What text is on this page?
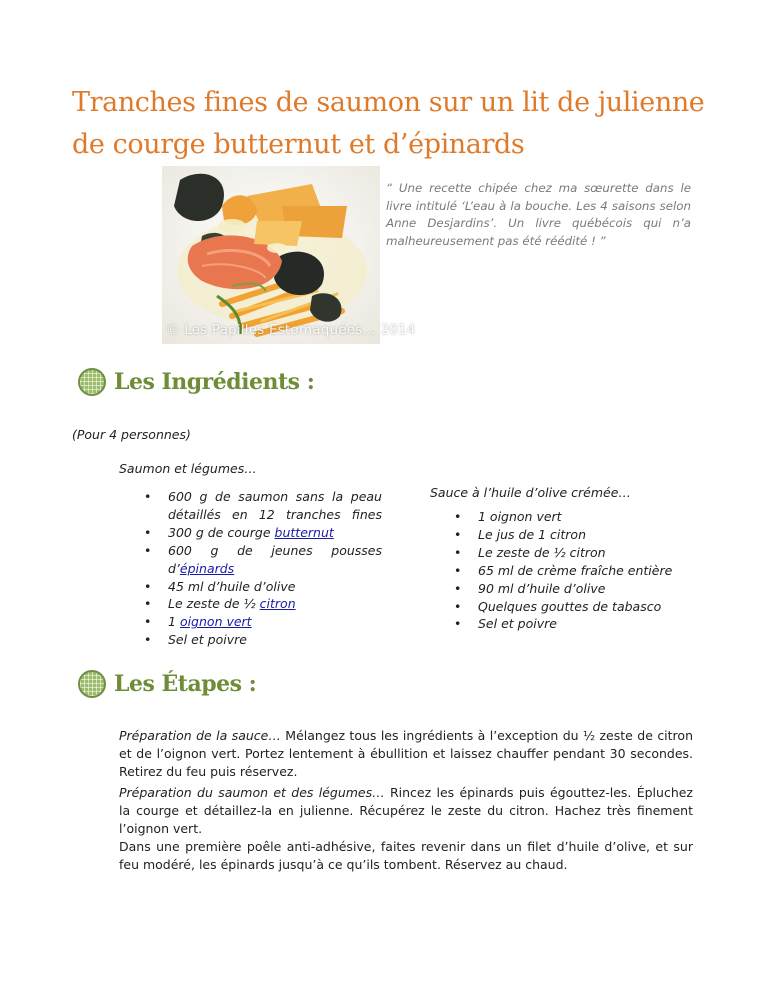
Tranches fines de saumon sur un lit de julienne de courge butternut et d’épinards
© Les Papilles Estomaquées... 2014

“ Une recette chipée chez ma sœurette dans le livre intitulé ‘L’eau à la bouche. Les 4 saisons selon Anne Desjardins’. Un livre québécois qui n’a malheureusement pas été réédité ! ”

Les Ingrédients :

(Pour 4 personnes)

Saumon et légumes…

• 600 g de saumon sans la peau détaillés en 12 tranches fines
• 300 g de courge butternut
• 600 g de jeunes pousses d’épinards
• 45 ml d’huile d’olive
• Le zeste de ½ citron
• 1 oignon vert
• Sel et poivre

Sauce à l’huile d’olive crémée…

• 1 oignon vert
• Le jus de 1 citron
• Le zeste de ½ citron
• 65 ml de crème fraîche entière
• 90 ml d’huile d’olive
• Quelques gouttes de tabasco
• Sel et poivre
Les Étapes :

Préparation de la sauce… Mélangez tous les ingrédients à l’exception du ½ zeste de citron et de l’oignon vert. Portez lentement à ébullition et laissez chauffer pendant 30 secondes. Retirez du feu puis réservez.

Préparation du saumon et des légumes… Rincez les épinards puis égouttez-les. Épluchez la courge et détaillez-la en julienne. Récupérez le zeste du citron. Hachez très finement l’oignon vert.

Dans une première poêle anti-adhésive, faites revenir dans un filet d’huile d’olive, et sur feu modéré, les épinards jusqu’à ce qu’ils tombent. Réservez au chaud.
